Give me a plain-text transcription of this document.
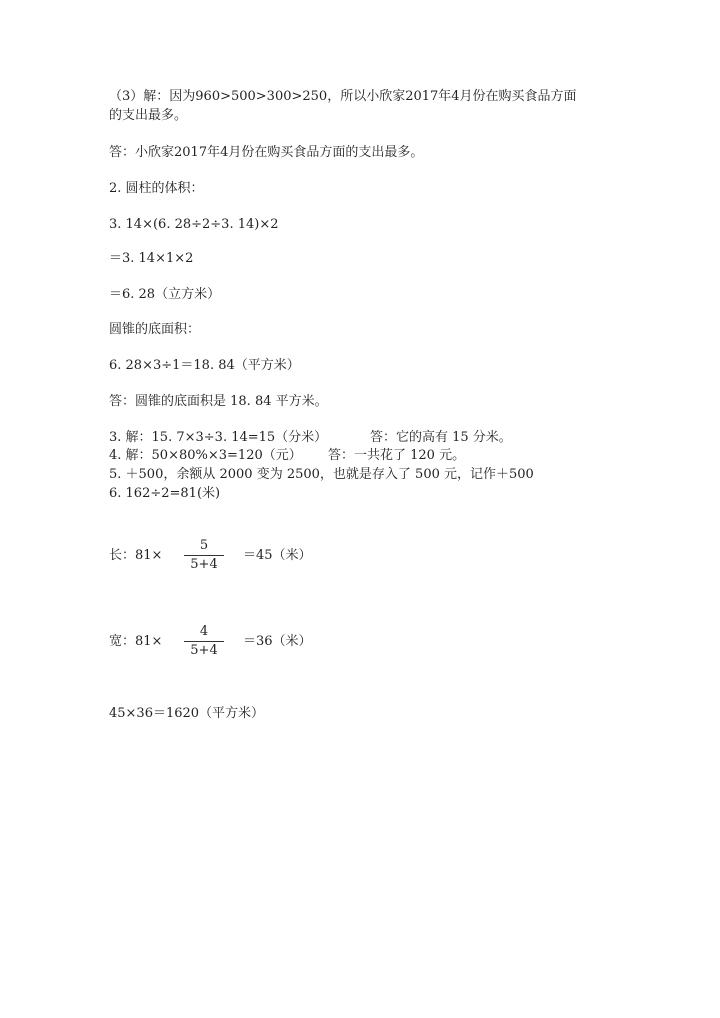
（3）解：因为960>500>300>250，所以小欣家2017年4月份在购买食品方面
的支出最多。
答：小欣家2017年4月份在购买食品方面的支出最多。
2. 圆柱的体积：
3. 14×(6. 28÷2÷3. 14)×2
＝3. 14×1×2
＝6. 28（立方米）
圆锥的底面积：
6. 28×3÷1＝18. 84（平方米）
答：圆锥的底面积是 18. 84 平方米。
3. 解：15. 7×3÷3. 14=15（分米）	答：它的高有 15 分米。
4. 解：50×80%×3=120（元） 答：一共花了 120 元。
5. ＋500，余额从 2000 变为 2500，也就是存入了 500 元，记作＋500
6. 162÷2=81(米)
长：81×
5
5+4
＝45（米）
宽：81×
4
5+4
＝36（米）
45×36＝1620（平方米）
